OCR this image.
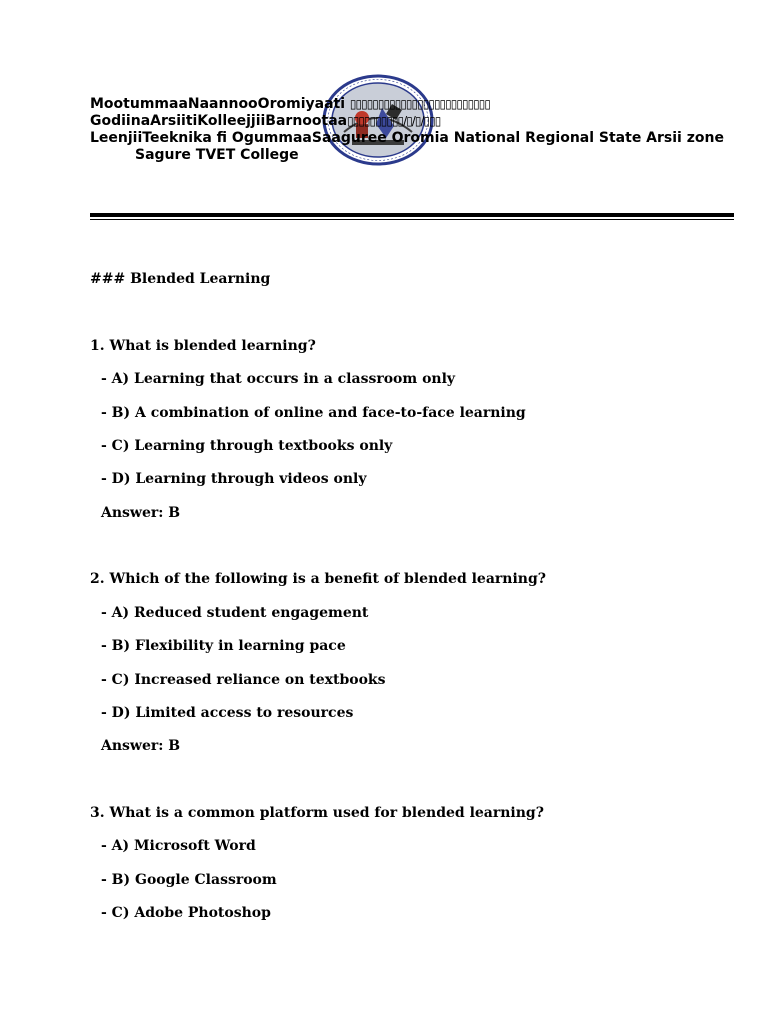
MootummaaNaannooOromiyaati ▯▯▯▯▯▯▯▯▯▯▯▯▯▯▯▯▯▯▯▯▯▯▯▯▯
GodiinaArsiitiKolleejjiiBarnootaa▯▯▯▯▯▯▯▯▯▯/▯/▯/▯▯▯
LeenjiiTeeknika fi OgummaaSaaguree Oromia National Regional State Arsii zone
Sagure TVET College
### Blended Learning
1. What is blended learning?
- A) Learning that occurs in a classroom only
- B) A combination of online and face-to-face learning
- C) Learning through textbooks only
- D) Learning through videos only
Answer: B
2. Which of the following is a benefit of blended learning?
- A) Reduced student engagement
- B) Flexibility in learning pace
- C) Increased reliance on textbooks
- D) Limited access to resources
Answer: B
3. What is a common platform used for blended learning?
- A) Microsoft Word
- B) Google Classroom
- C) Adobe Photoshop
